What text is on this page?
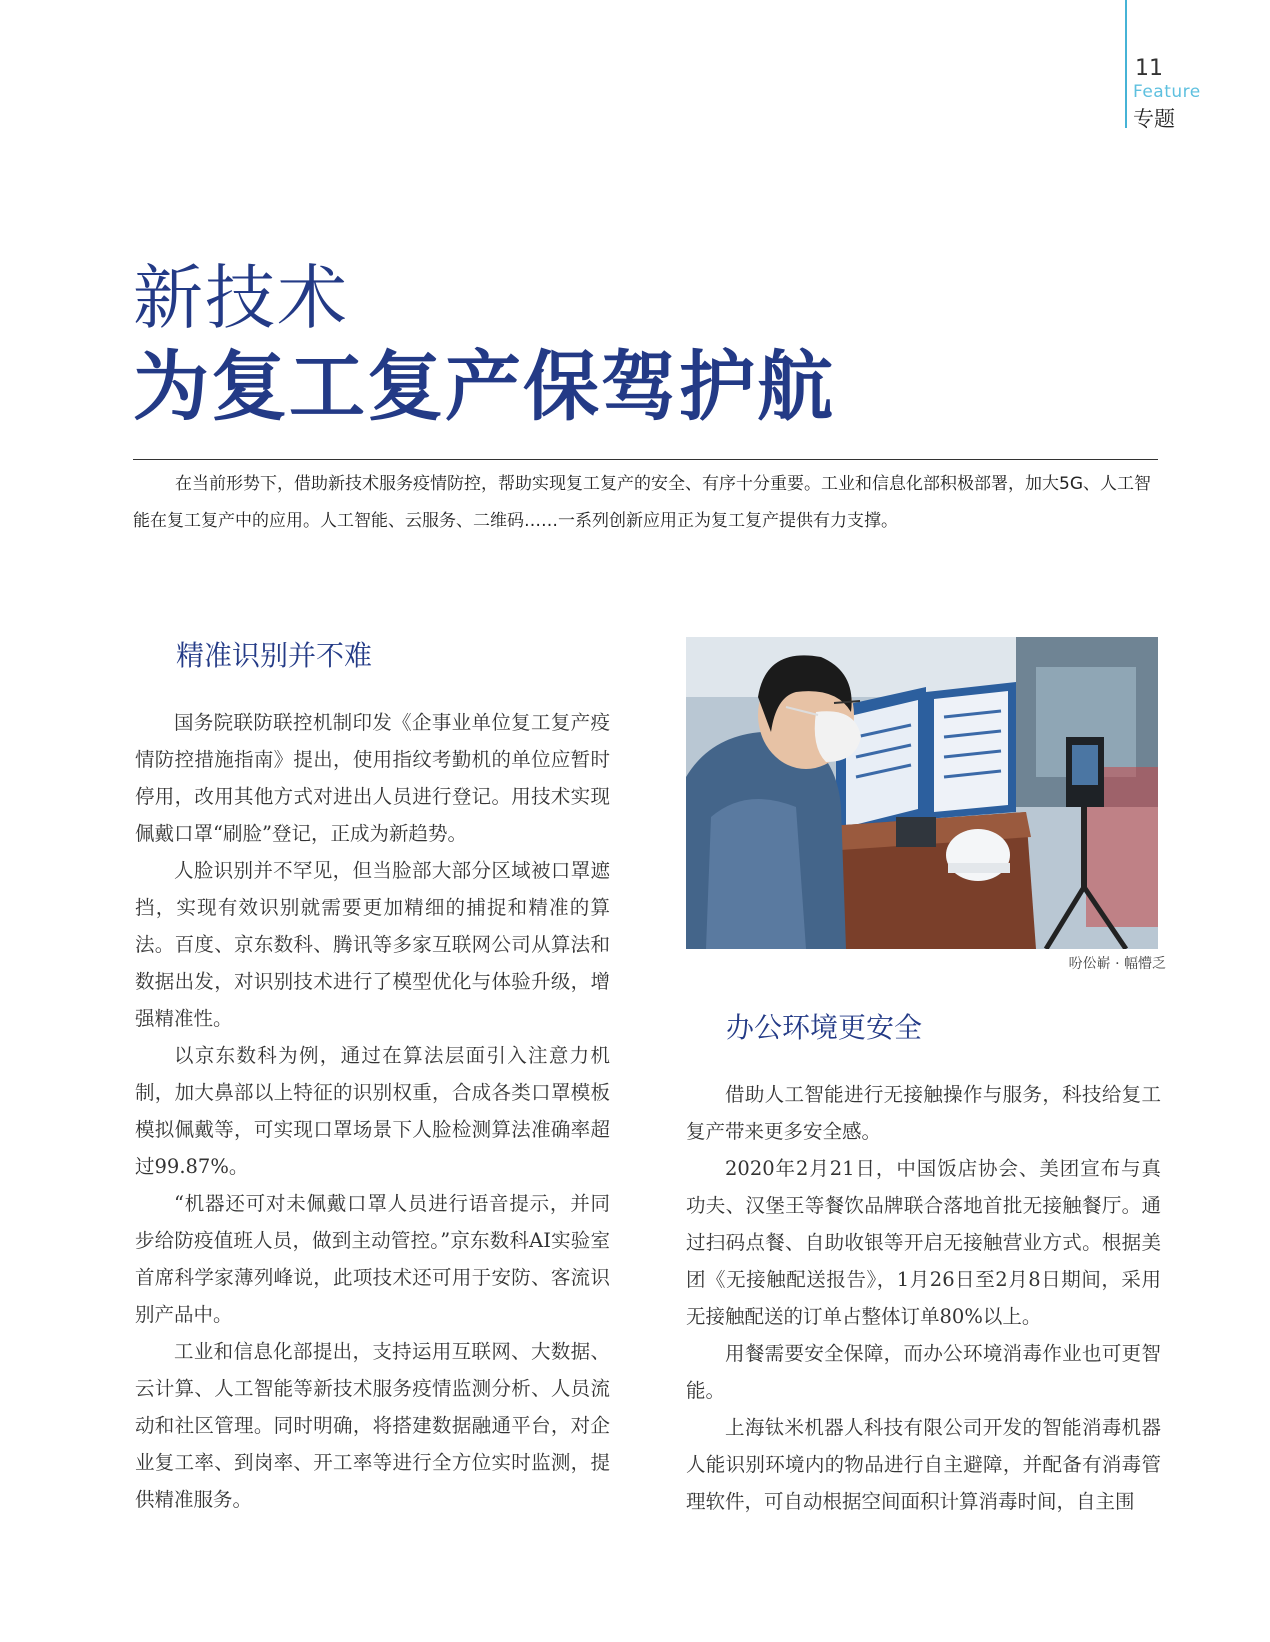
11
Feature
专题
新技术
为复工复产保驾护航
在当前形势下，借助新技术服务疫情防控，帮助实现复工复产的安全、有序十分重要。工业和信息化部积极部署，加大5G、人工智能在复工复产中的应用。人工智能、云服务、二维码……一系列创新应用正为复工复产提供有力支撑。
精准识别并不难

国务院联防联控机制印发《企事业单位复工复产疫情防控措施指南》提出，使用指纹考勤机的单位应暂时停用，改用其他方式对进出人员进行登记。用技术实现佩戴口罩“刷脸”登记，正成为新趋势。

人脸识别并不罕见，但当脸部大部分区域被口罩遮挡，实现有效识别就需要更加精细的捕捉和精准的算法。百度、京东数科、腾讯等多家互联网公司从算法和数据出发，对识别技术进行了模型优化与体验升级，增强精准性。

以京东数科为例，通过在算法层面引入注意力机制，加大鼻部以上特征的识别权重，合成各类口罩模板模拟佩戴等，可实现口罩场景下人脸检测算法准确率超过99.87%。

“机器还可对未佩戴口罩人员进行语音提示，并同步给防疫值班人员，做到主动管控。”京东数科AI实验室首席科学家薄列峰说，此项技术还可用于安防、客流识别产品中。

工业和信息化部提出，支持运用互联网、大数据、云计算、人工智能等新技术服务疫情监测分析、人员流动和社区管理。同时明确，将搭建数据融通平台，对企业复工率、到岗率、开工率等进行全方位实时监测，提供精准服务。

吩伀嶄 · 幅懵乏
办公环境更安全

借助人工智能进行无接触操作与服务，科技给复工复产带来更多安全感。

2020年2月21日，中国饭店协会、美团宣布与真功夫、汉堡王等餐饮品牌联合落地首批无接触餐厅。通过扫码点餐、自助收银等开启无接触营业方式。根据美团《无接触配送报告》，1月26日至2月8日期间，采用无接触配送的订单占整体订单80%以上。

用餐需要安全保障，而办公环境消毒作业也可更智能。

上海钛米机器人科技有限公司开发的智能消毒机器人能识别环境内的物品进行自主避障，并配备有消毒管理软件，可自动根据空间面积计算消毒时间，自主围
